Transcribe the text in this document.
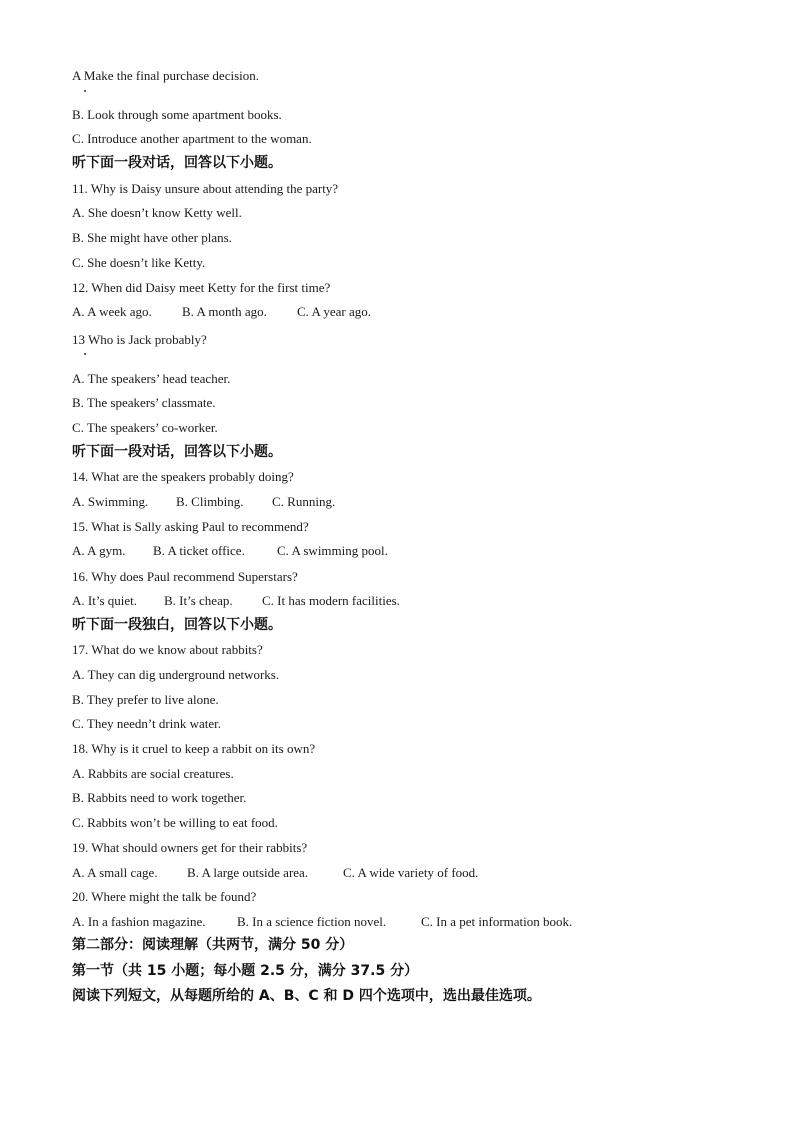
A Make the final purchase decision.
B. Look through some apartment books.
C. Introduce another apartment to the woman.
听下面一段对话，回答以下小题。
11. Why is Daisy unsure about attending the party?
A. She doesn’t know Ketty well.
B. She might have other plans.
C. She doesn’t like Ketty.
12. When did Daisy meet Ketty for the first time?
A. A week ago. B. A month ago. C. A year ago.
13 Who is Jack probably?
A. The speakers’ head teacher.
B. The speakers’ classmate.
C. The speakers’ co-worker.
听下面一段对话，回答以下小题。
14. What are the speakers probably doing?
A. Swimming. B. Climbing. C. Running.
15. What is Sally asking Paul to recommend?
A. A gym. B. A ticket office. C. A swimming pool.
16. Why does Paul recommend Superstars?
A. It’s quiet. B. It’s cheap. C. It has modern facilities.
听下面一段独白，回答以下小题。
17. What do we know about rabbits?
A. They can dig underground networks.
B. They prefer to live alone.
C. They needn’t drink water.
18. Why is it cruel to keep a rabbit on its own?
A. Rabbits are social creatures.
B. Rabbits need to work together.
C. Rabbits won’t be willing to eat food.
19. What should owners get for their rabbits?
A. A small cage. B. A large outside area.	C. A wide variety of food.
20. Where might the talk be found?
A. In a fashion magazine. B. In a science fiction novel.	C. In a pet information book.
第二部分：阅读理解（共两节，满分 50 分）
第一节（共 15 小题；每小题 2.5 分，满分 37.5 分）
阅读下列短文，从每题所给的 A、B、C 和 D 四个选项中，选出最佳选项。
